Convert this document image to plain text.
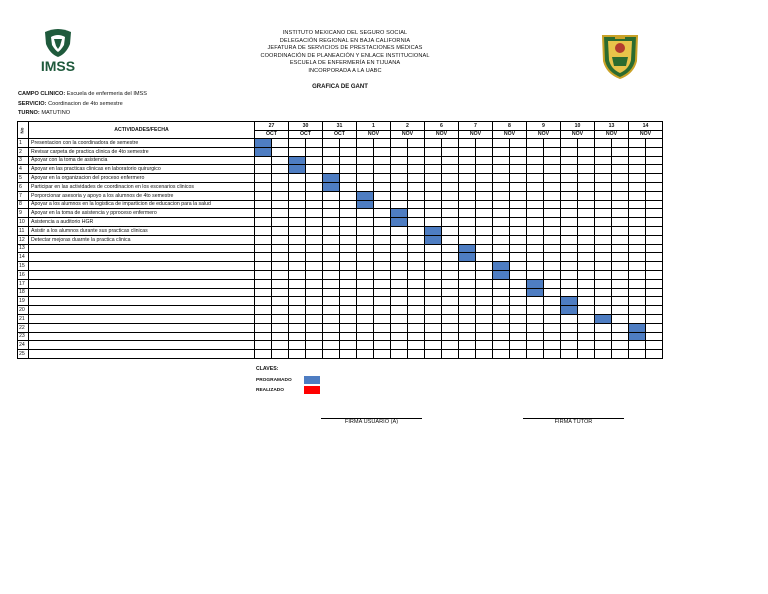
IMSS
INSTITUTO MEXICANO DEL SEGURO SOCIAL
DELEGACIÓN REGIONAL EN BAJA CALIFORNIA
JEFATURA DE SERVICIOS DE PRESTACIONES MÉDICAS
COORDINACIÓN DE PLANEACIÓN Y ENLACE INSTITUCIONAL
ESCUELA DE ENFERMERÍA EN TIJUANA
INCORPORADA A LA UABC
GRAFICA DE GANT
CAMPO CLINICO: Escuela de enfermeria del IMSS
SERVICIO: Coordinacion de 4to semestre
TURNO: MATUTINO
No	ACTIVIDADES/FECHA	27		30		31		1		2		6		7		8		9		10		13		14	
		OCT		OCT		OCT		NOV		NOV		NOV		NOV		NOV		NOV		NOV		NOV		NOV	
1	Presentacion con la coordinadora de semestre																								
2	Revisar carpeta de practica clinica de 4to semestre																								
3	Apoyar con la toma de asistencia																								
4	Apoyar en las practicas clinicas en laboratorio quirurgico																								
5	Apoyar en la organizacion del proceso enfermero																								
6	Participar en las actividades de coordinacion en los escenarios clinicos																								
7	Porporcionar asesoria y apoyo a los alumnos de 4to semestre																								
8	Apoyar a los alumnos en la logistica de imparticion de educacion para la salud																								
9	Apoyar en la toma de asistencia y pproceso enfermero																								
10	Asistencia a auditorio HGR																								
11	Asistir a los alumnos durante sus practicas clinicas																								
12	Detectar mejoras duarnte la practica clinica																								
13																									
14																									
15																									
16																									
17																									
18																									
19																									
20																									
21																									
22																									
23																									
24																									
25																									
CLAVES:
PROGRAMADO
REALIZADO
FIRMA USUARIO (A)	FIRMA TUTOR
